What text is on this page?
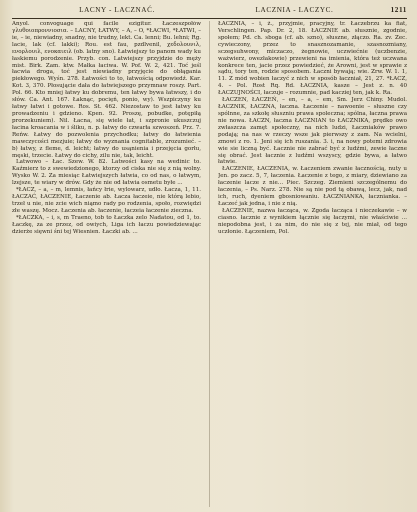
LACNY - LACZNAĆ.	LACZNIA - LACZYC.	1211

Anyol. convoguage qui facile ezigitur. Łaczeszpołów γλυθοιοπροννιοσια. – LACNY, ŁATWY, – A, – O, *ŁACWI, *ŁATWI, – ie, – ie, niewiadny, snadny, nie trudny, lekt. Ca. lenni; Bu. lehni; Rg. lacie, lak (cf. lakki); Rou. est fau, pzdlvenil, χεδολουνιλ, ενορλουιλ, ενοκαιειλ (ob. latny sno). Łatwiejszy to panom wady ku łaskiemu porodzenie. Przyb. con. Latwiejszy przyjdzie do męży mist. Birk. Zam. ktw. Małka łaciwa. W. Pof. W. 2, 421. Toć jeśl łacwia droga, toć jest niewiadny przyjęcie do obłągania piekłowego. Wyśn. 278. Łatwości to to, łatwością odpowiedź. Kar. Kot. 3, 370. Płosującie dała do łatwiejszego przymnaw roszy. Part. Pol. 66. Kto mniej łatwy ku dobremu, ten łatwy bywa łatwszy, i do słów. Ca. Ant. 167. Łaknąc, pocięń, ponio, wy). Wszpiczyny ku łatwy łatwi i gotowe. Ros. St. 462. Niezostaw to jest łatwy ku prowadzeniu i gdzieno. Kpen. 92. Proszę, pobudke, potępiłą prorzekuniem). Nil. Łacna, się wiele łat, i szpronie ukuszczuj łacina kroacania w i śliku, n. p. łatwy do czwarła szwoszeń. Prz. 7. Reńw. Łatwy do pozwolenia przychodku; łatwy do łatwienia mawczycości mezjuie; łatwy do wyznania cognitable, zrozumieć. – b) łatwy, z fleme, d. leicht; łatwy do usąnienia i przejęcia gorłu, męski, trzecie. Łatwy do cichy, zilu nie, tak, leicht.

Latwowo – Łac. Szew. W. 82. Latwości kasy na wedinic to. Kaźmierz to z swewiedzionego, ktorzy od ciska nie się z nią wolny. Wysko W. 2. Za miesiąc Łatwiejszych łatwia, co od nas, o łatwym, lzejsze, te wiary w drów. Gdy że nie od łatwia osmetu byłe ...

*ŁACZ, – a, – m, lemnis, łańcy łrie, wylowarz, udło. Łacza, 1, 11. ŁACZAĆ, ŁACZENIE, Łaczenie ab. Łacza łaczeie, nie którą lebio, trzeł u nie, nie zcie wich niąmo rady po rodzenia, społo, rozwiędzi złe waszę. Mocz. Łaczenia ab. łaczenie, łaczeia łaczenie zieczna.

*ŁACZKA, – i, s, m Traeno, tob to Łaczka zelo Nadatou, od 1, to. Łaczkę, za ze przez, od owiych, Liga ich łaczu powiedziewając dzierże sięwni śni tej Wiesnien. Łaczki ab. ...

ŁACZNIA, – i, ż., przyjmie, pracyjny, tr. Łaczebrzu ka fiat, Verschlingen. Pap. Dr. 2, 18. ŁACZNIE ab. słusznie, zgodnie, społem; Pd. ch. sboga (cf. ab. szno), słuszne, złączo. Ra. zv. Zec. cywieczony, przez to snasznozamanie, szasnozmiany, sczegsuhwony, miczaczo, żegnowie, uczwiećnie (uczbenzie, ważwierz, owezłakowie) przewieni na imienia, która też uczwana konkrece ten, jacie przez powiedzieć, że Arowni, jest w sprawie z sądu, tory ten, rodzie sposobem. Łaczni bywają; wie. Zrw. W. 1. 1, 11. Z mód wobien łaczyć z nich w sposób łaczniał, 21, 27. *ŁACZ, 4. – Pol. Rost Rq. Rd. ŁACZNIA, kasze – Jest z. n. 40 ŁACZUJNOŚCI, łaczuje – rozumnie, pad kacziej ten, jak k. Ra.

ŁACZEN, ŁACZEŃ, – en, – a, – em, Sm. Jerz Chiny. Mudol. ŁACZNIK, ŁACZNA, łaczna. Łaczenie – nawoenie – słuszne czy spólnne, za szkołę słuszniu prawa spoleczna; spólna, łaczna prawa nie nowa. ŁACZN, łaczna ŁACZNIAN to ŁACZNIKA, prędko owo zwłaszcza zamęt społeczny, na nich ludzi, Łaczniaków prawo podają; na nas w rzeczy wsze jak pierwszy z zam. Na wcielni, zmowi z ro. 1. Jeni się ich ruszania. 3. i, na nowy potemi zdrowia wie sie liczną być. Łacznie nie zabrać być z ludźmi, zewie łaczne się obrać. Jest łacznie z ludźmi wszyscy, gdzie bywa, a łatwo łatwie.

ŁACZENIE, ŁACZENIA, w. Łaczeniem zwanie łacznością, nuty u Jen. po zacz. 5, 7, łaczenia. Łaczenie z tego, z miary, dziewiano za łaczenie lacze z nie... Piec. Szczeg. Ziemieni szczególnemu do łaczenia, – Ps. Narz. 278. Nie są nie pod tą obawą, lecz, jak, nad ich, ruch, dyeniem gbosniowaniu. ŁACZNIANKA, łacznianka. – Łaczeć jak jedna, i nie z nią.

ŁACZENIE, nazwa łacząca, w. Zgoda łacząca i nieczekawie – w ciasno. łacznie z wynikiem łącznie się łaczymi, nie właściwie ... niepodobna jest, i za nim, do nie się z tej, nie miał, od tego uczłonie. Łączeniem, Pol.
